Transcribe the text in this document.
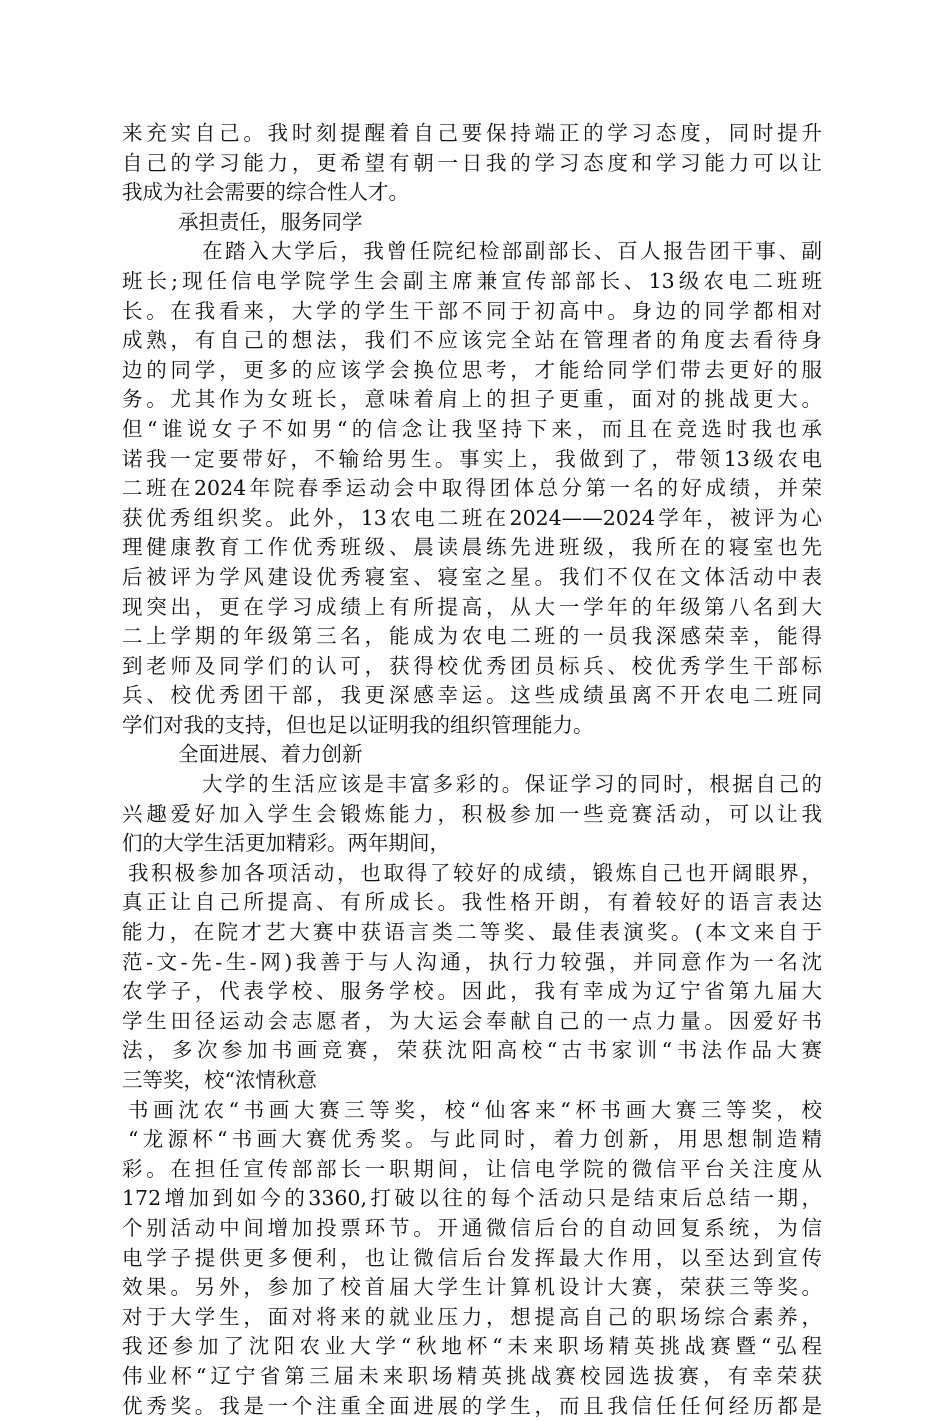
来充实自己。我时刻提醒着自己要保持端正的学习态度，同时提升
自己的学习能力，更希望有朝一日我的学习态度和学习能力可以让
我成为社会需要的综合性人才。
承担责任，服务同学
在踏入大学后，我曾任院纪检部副部长、百人报告团干事、副
班长;现任信电学院学生会副主席兼宣传部部长、13级农电二班班
长。在我看来，大学的学生干部不同于初高中。身边的同学都相对
成熟，有自己的想法，我们不应该完全站在管理者的角度去看待身
边的同学，更多的应该学会换位思考，才能给同学们带去更好的服
务。尤其作为女班长，意味着肩上的担子更重，面对的挑战更大。
但“谁说女子不如男“的信念让我坚持下来，而且在竞选时我也承
诺我一定要带好，不输给男生。事实上，我做到了，带领13级农电
二班在2024年院春季运动会中取得团体总分第一名的好成绩，并荣
获优秀组织奖。此外，13农电二班在2024——2024学年，被评为心
理健康教育工作优秀班级、晨读晨练先进班级，我所在的寝室也先
后被评为学风建设优秀寝室、寝室之星。我们不仅在文体活动中表
现突出，更在学习成绩上有所提高，从大一学年的年级第八名到大
二上学期的年级第三名，能成为农电二班的一员我深感荣幸，能得
到老师及同学们的认可，获得校优秀团员标兵、校优秀学生干部标
兵、校优秀团干部，我更深感幸运。这些成绩虽离不开农电二班同
学们对我的支持，但也足以证明我的组织管理能力。
全面进展、着力创新
大学的生活应该是丰富多彩的。保证学习的同时，根据自己的
兴趣爱好加入学生会锻炼能力，积极参加一些竞赛活动，可以让我
们的大学生活更加精彩。两年期间，
我积极参加各项活动，也取得了较好的成绩，锻炼自己也开阔眼界，
真正让自己所提高、有所成长。我性格开朗，有着较好的语言表达
能力，在院才艺大赛中获语言类二等奖、最佳表演奖。(本文来自于
范-文-先-生-网)我善于与人沟通，执行力较强，并同意作为一名沈
农学子，代表学校、服务学校。因此，我有幸成为辽宁省第九届大
学生田径运动会志愿者，为大运会奉献自己的一点力量。因爱好书
法，多次参加书画竞赛，荣获沈阳高校“古书家训“书法作品大赛
三等奖，校“浓情秋意
书画沈农“书画大赛三等奖，校“仙客来“杯书画大赛三等奖，校
“龙源杯“书画大赛优秀奖。与此同时，着力创新，用思想制造精
彩。在担任宣传部部长一职期间，让信电学院的微信平台关注度从
172增加到如今的3360,打破以往的每个活动只是结束后总结一期，
个别活动中间增加投票环节。开通微信后台的自动回复系统，为信
电学子提供更多便利，也让微信后台发挥最大作用，以至达到宣传
效果。另外，参加了校首届大学生计算机设计大赛，荣获三等奖。
对于大学生，面对将来的就业压力，想提高自己的职场综合素养，
我还参加了沈阳农业大学“秋地杯“未来职场精英挑战赛暨“弘程
伟业杯“辽宁省第三届未来职场精英挑战赛校园选拔赛，有幸荣获
优秀奖。我是一个注重全面进展的学生，而且我信任任何经历都是
